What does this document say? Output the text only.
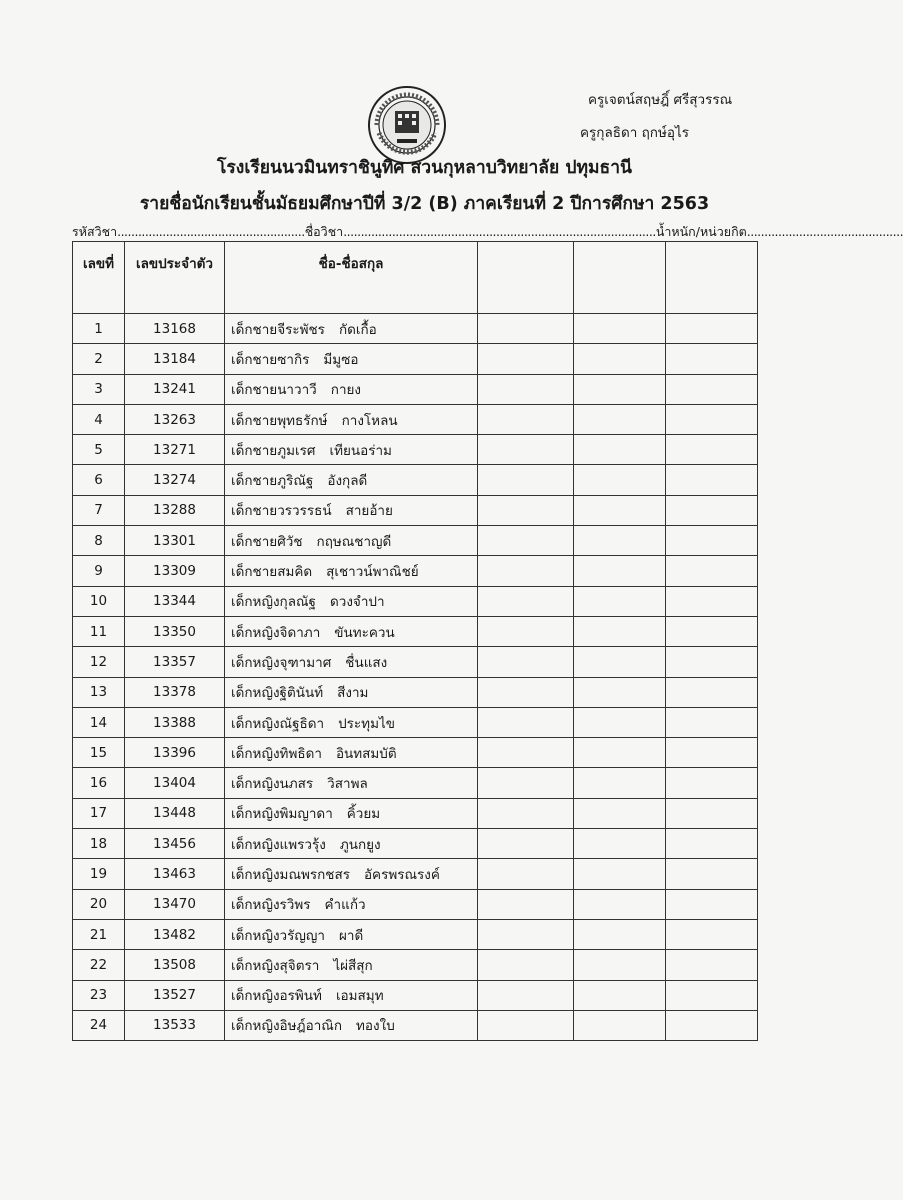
ครูเจตน์สฤษฎิ์ ศรีสุวรรณ
ครูกุลธิดา ฤกษ์อุไร
โรงเรียนนวมินทราชินูทิศ สวนกุหลาบวิทยาลัย ปทุมธานี
รายชื่อนักเรียนชั้นมัธยมศึกษาปีที่ 3/2 (B) ภาคเรียนที่ 2 ปีการศึกษา 2563
รหัสวิชา......................................................ชื่อวิชา..........................................................................................น้ำหนัก/หน่วยกิต.............................................
เลขที่	เลขประจำตัว	ชื่อ-ชื่อสกุล			
1	13168	เด็กชายจีระพัชร กัดเกื้อ			
2	13184	เด็กชายซากิร มีมูซอ			
3	13241	เด็กชายนาวาวี กายง			
4	13263	เด็กชายพุทธรักษ์ กางโหลน			
5	13271	เด็กชายภูมเรศ เทียนอร่าม			
6	13274	เด็กชายภูริณัฐ อังกุลดี			
7	13288	เด็กชายวรวรรธน์ สายอ้าย			
8	13301	เด็กชายศิวัช กฤษณชาญดี			
9	13309	เด็กชายสมคิด สุเชาวน์พาณิชย์			
10	13344	เด็กหญิงกุลณัฐ ดวงจำปา			
11	13350	เด็กหญิงจิดาภา ขันทะควน			
12	13357	เด็กหญิงจุฑามาศ ชื่นแสง			
13	13378	เด็กหญิงฐิตินันท์ สีงาม			
14	13388	เด็กหญิงณัฐธิดา ประทุมไข			
15	13396	เด็กหญิงทิพธิดา อินทสมบัติ			
16	13404	เด็กหญิงนภสร วิสาพล			
17	13448	เด็กหญิงพิมญาดา คิ้วยม			
18	13456	เด็กหญิงแพรวรุ้ง ภูนกยูง			
19	13463	เด็กหญิงมณพรกชสร อัครพรณรงค์			
20	13470	เด็กหญิงรวิพร คำแก้ว			
21	13482	เด็กหญิงวรัญญา ผาดี			
22	13508	เด็กหญิงสุจิตรา ไผ่สีสุก			
23	13527	เด็กหญิงอรพินท์ เอมสมุท			
24	13533	เด็กหญิงอิษฎ์อาณิก ทองใบ			
